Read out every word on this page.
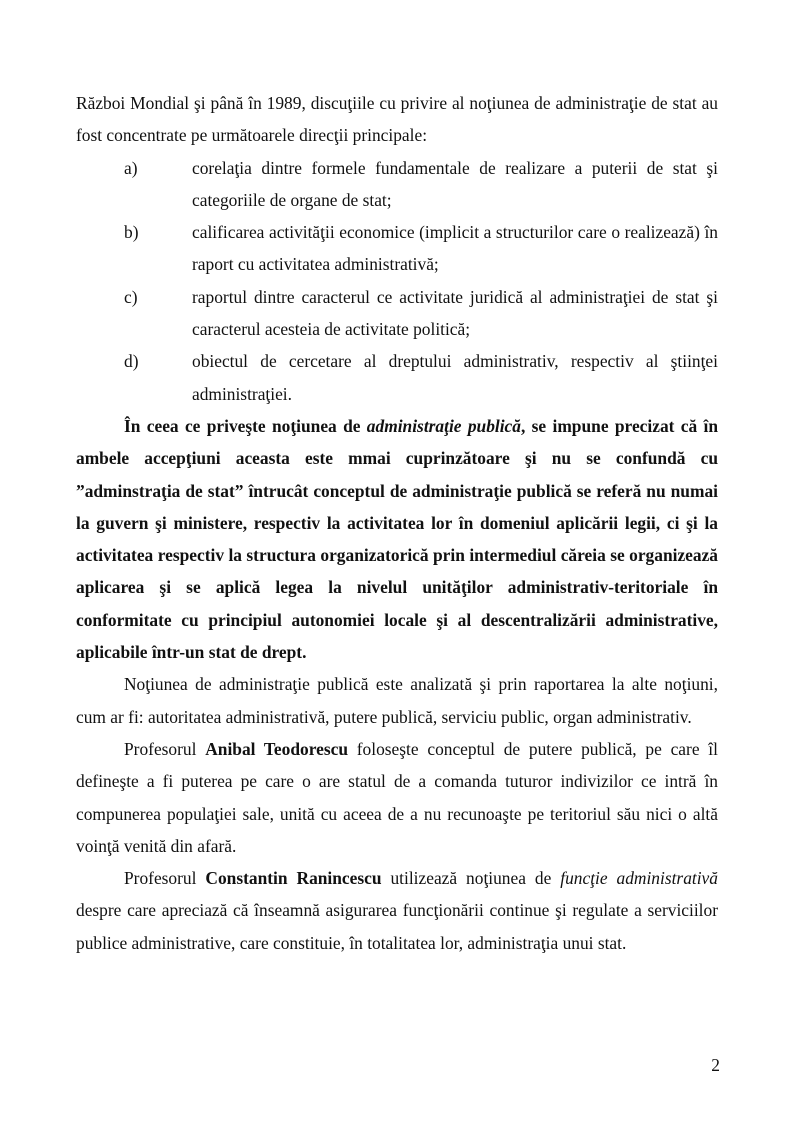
Război Mondial şi până în 1989, discuţiile cu privire al noţiunea de administraţie de stat au fost concentrate pe următoarele direcţii principale:

a)	corelaţia dintre formele fundamentale de realizare a puterii de stat şi categoriile de organe de stat;
b)	calificarea activităţii economice (implicit a structurilor care o realizează) în raport cu activitatea administrativă;
c)	raportul dintre caracterul ce activitate juridică al administraţiei de stat şi caracterul acesteia de activitate politică;
d)	obiectul de cercetare al dreptului administrativ, respectiv al ştiinţei administraţiei.

În ceea ce priveşte noţiunea de administraţie publică, se impune precizat că în ambele accepţiuni aceasta este mmai cuprinzătoare şi nu se confundă cu ”adminstraţia de stat” întrucât conceptul de administraţie publică se referă nu numai la guvern şi ministere, respectiv la activitatea lor în domeniul aplicării legii, ci şi la activitatea respectiv la structura organizatorică prin intermediul căreia se organizează aplicarea şi se aplică legea la nivelul unităţilor administrativ-teritoriale în conformitate cu principiul autonomiei locale şi al descentralizării administrative, aplicabile într-un stat de drept.

Noţiunea de administraţie publică este analizată şi prin raportarea la alte noţiuni, cum ar fi: autoritatea administrativă, putere publică, serviciu public, organ administrativ.

Profesorul Anibal Teodorescu foloseşte conceptul de putere publică, pe care îl defineşte a fi puterea pe care o are statul de a comanda tuturor indivizilor ce intră în compunerea populaţiei sale, unită cu aceea de a nu recunoaşte pe teritoriul său nici o altă voinţă venită din afară.

Profesorul Constantin Ranincescu utilizează noţiunea de funcţie administrativă despre care apreciază că înseamnă asigurarea funcţionării continue şi regulate a serviciilor publice administrative, care constituie, în totalitatea lor, administraţia unui stat.

2
